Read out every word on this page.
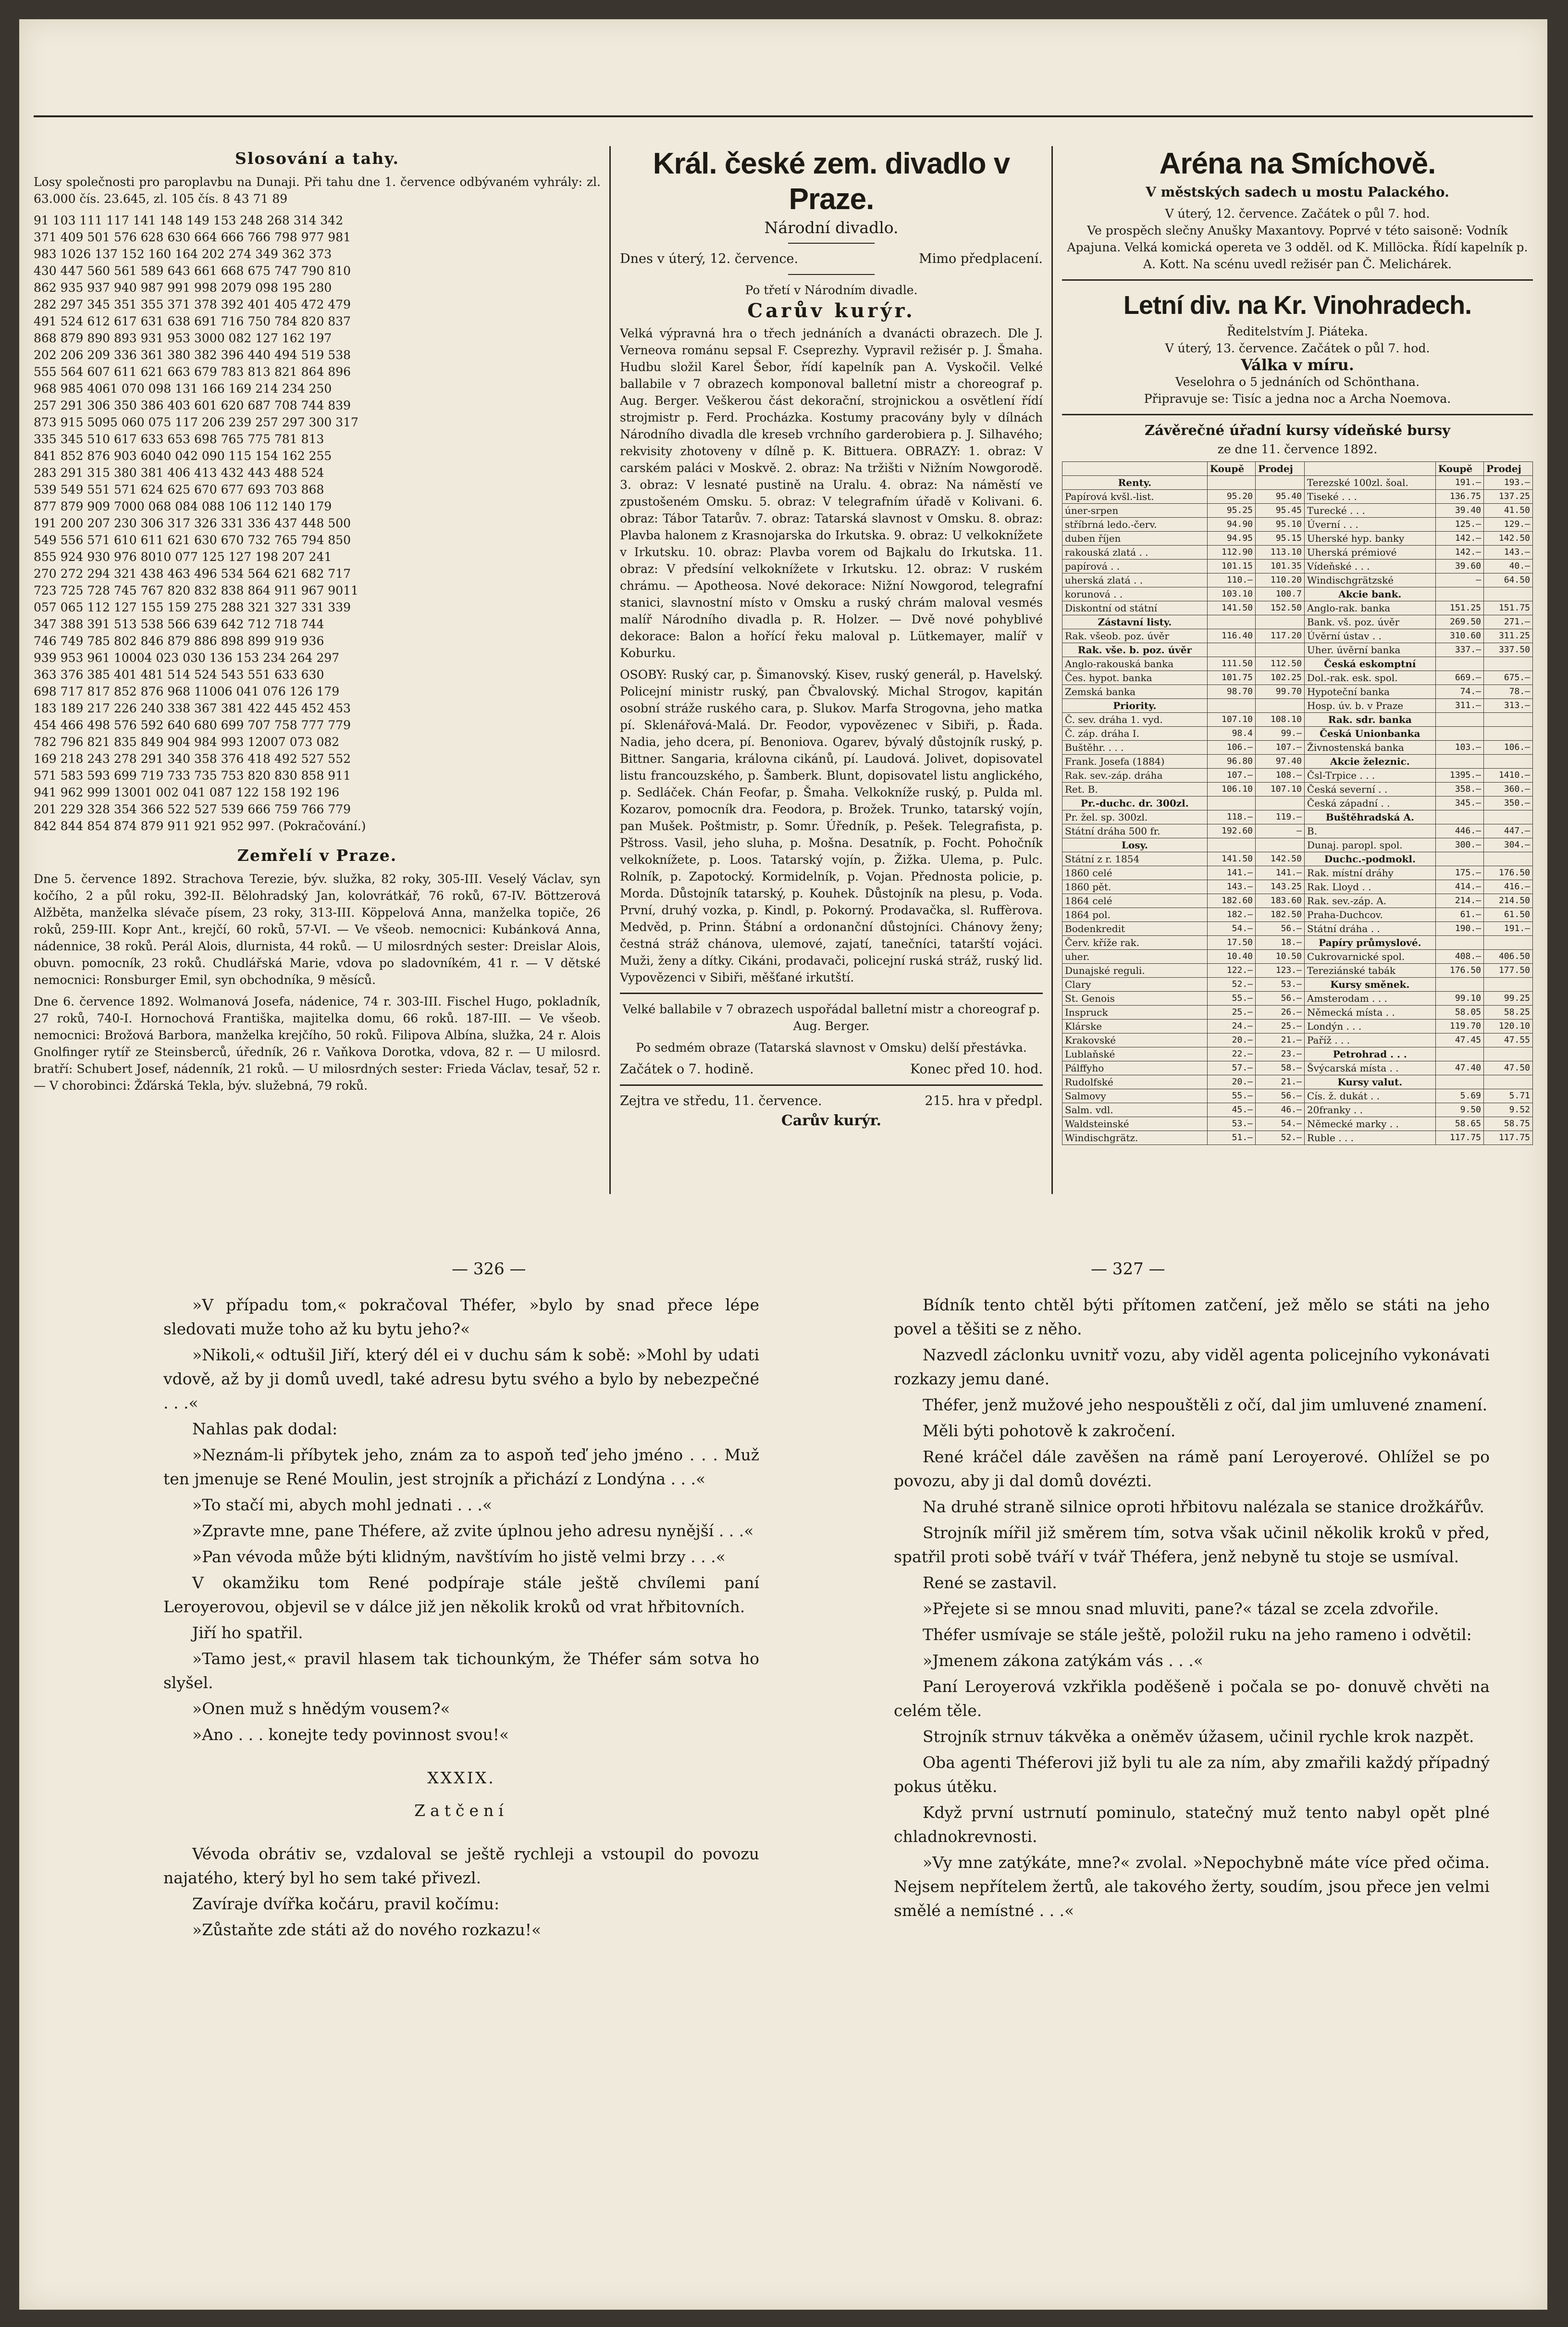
Slosování a tahy.

Losy společnosti pro paroplavbu na Dunaji. Při tahu dne 1. července odbývaném vyhrály: zl. 63.000 čís. 23.645, zl. 105 čís. 8 43 71 89

91 103 111 117 141 148 149 153 248 268 314 342
371 409 501 576 628 630 664 666 766 798 977 981
983 1026 137 152 160 164 202 274 349 362 373
430 447 560 561 589 643 661 668 675 747 790 810
862 935 937 940 987 991 998 2079 098 195 280
282 297 345 351 355 371 378 392 401 405 472 479
491 524 612 617 631 638 691 716 750 784 820 837
868 879 890 893 931 953 3000 082 127 162 197
202 206 209 336 361 380 382 396 440 494 519 538
555 564 607 611 621 663 679 783 813 821 864 896
968 985 4061 070 098 131 166 169 214 234 250
257 291 306 350 386 403 601 620 687 708 744 839
873 915 5095 060 075 117 206 239 257 297 300 317
335 345 510 617 633 653 698 765 775 781 813
841 852 876 903 6040 042 090 115 154 162 255
283 291 315 380 381 406 413 432 443 488 524
539 549 551 571 624 625 670 677 693 703 868
877 879 909 7000 068 084 088 106 112 140 179
191 200 207 230 306 317 326 331 336 437 448 500
549 556 571 610 611 621 630 670 732 765 794 850
855 924 930 976 8010 077 125 127 198 207 241
270 272 294 321 438 463 496 534 564 621 682 717
723 725 728 745 767 820 832 838 864 911 967 9011
057 065 112 127 155 159 275 288 321 327 331 339
347 388 391 513 538 566 639 642 712 718 744
746 749 785 802 846 879 886 898 899 919 936
939 953 961 10004 023 030 136 153 234 264 297
363 376 385 401 481 514 524 543 551 633 630
698 717 817 852 876 968 11006 041 076 126 179
183 189 217 226 240 338 367 381 422 445 452 453
454 466 498 576 592 640 680 699 707 758 777 779
782 796 821 835 849 904 984 993 12007 073 082
169 218 243 278 291 340 358 376 418 492 527 552
571 583 593 699 719 733 735 753 820 830 858 911
941 962 999 13001 002 041 087 122 158 192 196
201 229 328 354 366 522 527 539 666 759 766 779
842 844 854 874 879 911 921 952 997. (Pokračování.)
Zemřelí v Praze.

Dne 5. července 1892. Strachova Terezie, býv. služka, 82 roky, 305-III. Veselý Václav, syn kočího, 2 a půl roku, 392-II. Bělohradský Jan, kolovrátkář, 76 roků, 67-IV. Böttzerová Alžběta, manželka slévače písem, 23 roky, 313-III. Köppelová Anna, manželka topiče, 26 roků, 259-III. Kopr Ant., krejčí, 60 roků, 57-VI. — Ve všeob. nemocnici: Kubánková Anna, nádennice, 38 roků. Perál Alois, dlurnista, 44 roků. — U milosrdných sester: Dreislar Alois, obuvn. pomocník, 23 roků. Chudlářská Marie, vdova po sladovníkém, 41 r. — V dětské nemocnici: Ronsburger Emil, syn obchodníka, 9 měsíců.

Dne 6. července 1892. Wolmanová Josefa, nádenice, 74 r. 303-III. Fischel Hugo, pokladník, 27 roků, 740-I. Hornochová Františka, majitelka domu, 66 roků. 187-III. — Ve všeob. nemocnici: Brožová Barbora, manželka krejčího, 50 roků. Filipova Albína, služka, 24 r. Alois Gnolfinger rytíř ze Steinsberců, úředník, 26 r. Vaňkova Dorotka, vdova, 82 r. — U milosrd. bratří: Schubert Josef, nádenník, 21 roků. — U milosrdných sester: Frieda Václav, tesař, 52 r. — V chorobinci: Žďárská Tekla, býv. služebná, 79 roků.

Král. české zem. divadlo v Praze.
Národní divadlo.
Dnes v úterý, 12. července.	Mimo předplacení.
Po třetí v Národním divadle.
Carův kurýr.

Velká výpravná hra o třech jednáních a dvanácti obrazech. Dle J. Verneova románu sepsal F. Cseprezhy. Vypravil režisér p. J. Šmaha. Hudbu složil Karel Šebor, řídí kapelník pan A. Vyskočil. Velké ballabile v 7 obrazech komponoval balletní mistr a choreograf p. Aug. Berger. Veškerou část dekorační, strojnickou a osvětlení řídí strojmistr p. Ferd. Procházka. Kostumy pracovány byly v dílnách Národního divadla dle kreseb vrchního garderobiera p. J. Silhavého; rekvisity zhotoveny v dílně p. K. Bittuera. OBRAZY: 1. obraz: V carském paláci v Moskvě. 2. obraz: Na tržišti v Nižním Nowgorodě. 3. obraz: V lesnaté pustině na Uralu. 4. obraz: Na náměstí ve zpustošeném Omsku. 5. obraz: V telegrafním úřadě v Kolivani. 6. obraz: Tábor Tatarův. 7. obraz: Tatarská slavnost v Omsku. 8. obraz: Plavba halonem z Krasnojarska do Irkutska. 9. obraz: U velkoknížete v Irkutsku. 10. obraz: Plavba vorem od Bajkalu do Irkutska. 11. obraz: V předsíní velkoknížete v Irkutsku. 12. obraz: V ruském chrámu. — Apotheosa. Nové dekorace: Nižní Nowgorod, telegrafní stanici, slavnostní místo v Omsku a ruský chrám maloval vesmés malíř Národního divadla p. R. Holzer. — Dvě nové pohyblivé dekorace: Balon a hořící řeku maloval p. Lütkemayer, malíř v Koburku.

OSOBY: Ruský car, p. Šimanovský. Kisev, ruský generál, p. Havelský. Policejní ministr ruský, pan Čbvalovský. Michal Strogov, kapitán osobní stráže ruského cara, p. Slukov. Marfa Strogovna, jeho matka pí. Sklenářová-Malá. Dr. Feodor, vypovězenec v Sibiři, p. Řada. Nadia, jeho dcera, pí. Benoniova. Ogarev, bývalý důstojník ruský, p. Bittner. Sangaria, královna cikánů, pí. Laudová. Jolivet, dopisovatel listu francouzského, p. Šamberk. Blunt, dopisovatel listu anglického, p. Sedláček. Chán Feofar, p. Šmaha. Velkokníže ruský, p. Pulda ml. Kozarov, pomocník dra. Feodora, p. Brožek. Trunko, tatarský vojín, pan Mušek. Poštmistr, p. Somr. Úředník, p. Pešek. Telegrafista, p. Pštross. Vasil, jeho sluha, p. Mošna. Desatník, p. Focht. Pohočník velkoknížete, p. Loos. Tatarský vojín, p. Žižka. Ulema, p. Pulc. Rolník, p. Zapotocký. Kormidelník, p. Vojan. Přednosta policie, p. Morda. Důstojník tatarský, p. Kouhek. Důstojník na plesu, p. Voda. První, druhý vozka, p. Kindl, p. Pokorný. Prodavačka, sl. Ruffèrova. Medvěd, p. Prinn. Štábní a ordonanční důstojníci. Chánovy ženy; čestná stráž chánova, ulemové, zajatí, tanečníci, tatarští vojáci. Muži, ženy a dítky. Cikáni, prodavači, policejní ruská stráž, ruský lid. Vypovězenci v Sibiři, měšťané irkutští.

Velké ballabile v 7 obrazech uspořádal balletní mistr a choreograf p. Aug. Berger.

Po sedmém obraze (Tatarská slavnost v Omsku) delší přestávka.

Začátek o 7. hodině.	Konec před 10. hod.
Zejtra ve středu, 11. července.	215. hra v předpl.
Carův kurýr.
Aréna na Smíchově.
V městských sadech u mostu Palackého.
V úterý, 12. července. Začátek o půl 7. hod.

Ve prospěch slečny Anušky Maxantovy. Poprvé v této saisoně: Vodník Apajuna. Velká komická opereta ve 3 odděl. od K. Millöcka. Řídí kapelník p. A. Kott. Na scénu uvedl režisér pan Č. Melichárek.

Letní div. na Kr. Vinohradech.
Ředitelstvím J. Piáteka.
V úterý, 13. července. Začátek o půl 7. hod.
Válka v míru.
Veselohra o 5 jednáních od Schönthana.
Připravuje se: Tisíc a jedna noc a Archa Noemova.
Závěrečné úřadní kursy vídeňské bursy
ze dne 11. července 1892.
	Koupě	Prodej		Koupě	Prodej
Renty.			Terezské 100zl. šoal.	191.—	193.—
Papírová kvšl.-list.	95.20	95.40	Tiseké . . .	136.75	137.25
úner-srpen	95.25	95.45	Turecké . . .	39.40	41.50
stříbrná ledo.-červ.	94.90	95.10	Úverní . . .	125.—	129.—
duben říjen	94.95	95.15	Uherské hyp. banky	142.—	142.50
rakouská zlatá . .	112.90	113.10	Uherská prémiové	142.—	143.—
papírová . .	101.15	101.35	Vídeňské . . .	39.60	40.—
uherská zlatá . .	110.—	110.20	Windischgrätzské	—	64.50
korunová . .	103.10	100.7	Akcie bank.		
Diskontní od státní	141.50	152.50	Anglo-rak. banka	151.25	151.75
Zástavní listy.			Bank. vš. poz. úvěr	269.50	271.—
Rak. všeob. poz. úvěr	116.40	117.20	Úvěrní ústav . .	310.60	311.25
Rak. vše. b. poz. úvěr			Uher. úvěrní banka	337.—	337.50
Anglo-rakouská banka	111.50	112.50	Česká eskomptní		
Čes. hypot. banka	101.75	102.25	Dol.-rak. esk. spol.	669.—	675.—
Zemská banka	98.70	99.70	Hypoteční banka	74.—	78.—
Priority.			Hosp. úv. b. v Praze	311.—	313.—
Č. sev. dráha 1. vyd.	107.10	108.10	Rak. sdr. banka		
Č. záp. dráha I.	98.4	99.—	Česká Unionbanka		
Buštěhr. . . .	106.—	107.—	Živnostenská banka	103.—	106.—
Frank. Josefa (1884)	96.80	97.40	Akcie železnic.		
Rak. sev.-záp. dráha	107.—	108.—	Čsl-Trpice . . .	1395.—	1410.—
Ret. B.	106.10	107.10	Česká severní . .	358.—	360.—
Pr.-duchc. dr. 300zl.			Česká západní . .	345.—	350.—
Pr. žel. sp. 300zl.	118.—	119.—	Buštěhradská A.		
Státní dráha 500 fr.	192.60	—	B.	446.—	447.—
Losy.			Dunaj. paropl. spol.	300.—	304.—
Státní z r. 1854	141.50	142.50	Duchc.-podmokl.		
1860 celé	141.—	141.—	Rak. místní dráhy	175.—	176.50
1860 pět.	143.—	143.25	Rak. Lloyd . .	414.—	416.—
1864 celé	182.60	183.60	Rak. sev.-záp. A.	214.—	214.50
1864 pol.	182.—	182.50	Praha-Duchcov.	61.—	61.50
Bodenkredit	54.—	56.—	Státní dráha . .	190.—	191.—
Červ. kříže rak.	17.50	18.—	Papíry průmyslové.		
uher.	10.40	10.50	Cukrovarnické spol.	408.—	406.50
Dunajské reguli.	122.—	123.—	Tereziánské tabák	176.50	177.50
Clary	52.—	53.—	Kursy směnek.		
St. Genois	55.—	56.—	Amsterodam . . .	99.10	99.25
Inspruck	25.—	26.—	Německá místa . .	58.05	58.25
Klárske	24.—	25.—	Londýn . . .	119.70	120.10
Krakovské	20.—	21.—	Paříž . . .	47.45	47.55
Lublaňské	22.—	23.—	Petrohrad . . .		
Pálffyho	57.—	58.—	Švýcarská místa . .	47.40	47.50
Rudolfské	20.—	21.—	Kursy valut.		
Salmovy	55.—	56.—	Cís. ž. dukát . .	5.69	5.71
Salm. vdl.	45.—	46.—	20franky . .	9.50	9.52
Waldsteinské	53.—	54.—	Německé marky . .	58.65	58.75
Windischgrätz.	51.—	52.—	Ruble . . .	117.75	117.75
— 326 —	— 327 —

»V případu tom,« pokračoval Théfer, »bylo by snad přece lépe sledovati muže toho až ku bytu jeho?«

»Nikoli,« odtušil Jiří, který dél ei v duchu sám k sobě: »Mohl by udati vdově, až by ji domů uvedl, také adresu bytu svého a bylo by nebezpečné . . .«

Nahlas pak dodal:

»Neznám-li příbytek jeho, znám za to aspoň teď jeho jméno . . . Muž ten jmenuje se René Moulin, jest strojník a přichází z Londýna . . .«

»To stačí mi, abych mohl jednati . . .«

»Zpravte mne, pane Théfere, až zvite úplnou jeho adresu nynější . . .«

»Pan vévoda může býti klidným, navštívím ho jistě velmi brzy . . .«

V okamžiku tom René podpíraje stále ještě chvílemi paní Leroyerovou, objevil se v dálce již jen několik kroků od vrat hřbitovních.

Jiří ho spatřil.

»Tamo jest,« pravil hlasem tak tichounkým, že Théfer sám sotva ho slyšel.

»Onen muž s hnědým vousem?«

»Ano . . . konejte tedy povinnost svou!«

XXXIX.
Zatčení

Vévoda obrátiv se, vzdaloval se ještě rychleji a vstoupil do povozu najatého, který byl ho sem také přivezl.

Zavíraje dvířka kočáru, pravil kočímu:

»Zůstaňte zde státi až do nového rozkazu!«

Bídník tento chtěl býti přítomen zatčení, jež mělo se státi na jeho povel a těšiti se z něho.

Nazvedl záclonku uvnitř vozu, aby viděl agenta policejního vykonávati rozkazy jemu dané.

Théfer, jenž mužové jeho nespouštěli z očí, dal jim umluvené znamení.

Měli býti pohotově k zakročení.

René kráčel dále zavěšen na rámě paní Leroyerové. Ohlížel se po povozu, aby ji dal domů dovézti.

Na druhé straně silnice oproti hřbitovu nalézala se stanice drožkářův.

Strojník mířil již směrem tím, sotva však učinil několik kroků v před, spatřil proti sobě tváří v tvář Théfera, jenž nebyně tu stoje se usmíval.

René se zastavil.

»Přejete si se mnou snad mluviti, pane?« tázal se zcela zdvořile.

Théfer usmívaje se stále ještě, položil ruku na jeho rameno i odvětil:

»Jmenem zákona zatýkám vás . . .«

Paní Leroyerová vzkřikla poděšeně i počala se po- donuvě chvěti na celém těle.

Strojník strnuv tákvěka a oněměv úžasem, učinil rychle krok nazpět.

Oba agenti Théferovi již byli tu ale za ním, aby zmařili každý případný pokus útěku.

Když první ustrnutí pominulo, statečný muž tento nabyl opět plné chladnokrevnosti.

»Vy mne zatýkáte, mne?« zvolal. »Nepochybně máte více před očima. Nejsem nepřítelem žertů, ale takového žerty, soudím, jsou přece jen velmi smělé a nemístné . . .«
